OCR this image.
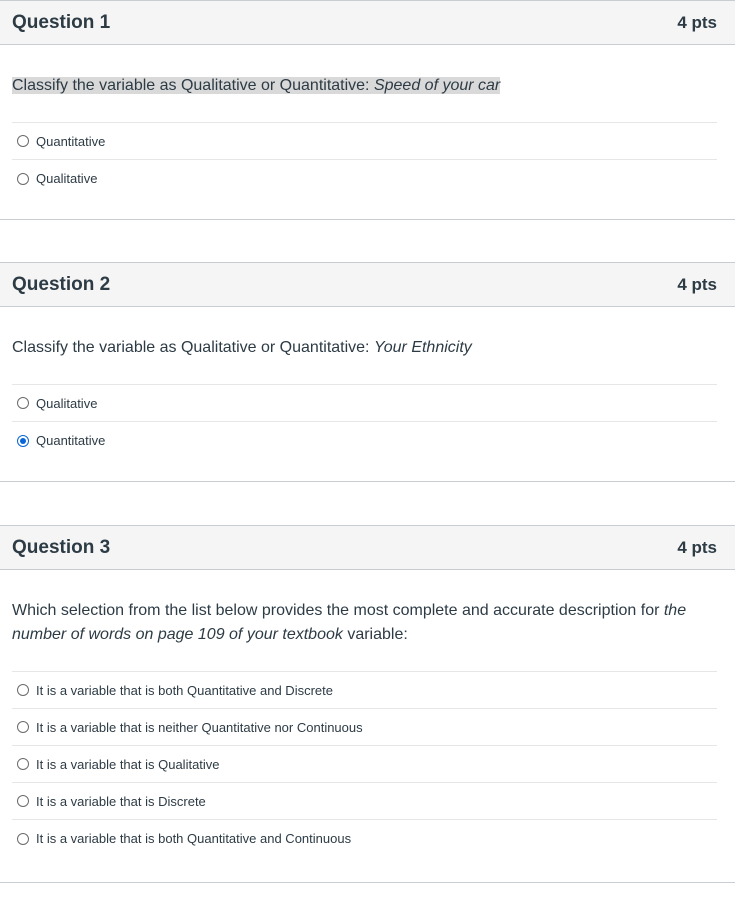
Question 1	4 pts
Classify the variable as Qualitative or Quantitative: Speed of your car
Quantitative
Qualitative
Question 2	4 pts
Classify the variable as Qualitative or Quantitative: Your Ethnicity
Qualitative
Quantitative
Question 3	4 pts
Which selection from the list below provides the most complete and accurate description for the number of words on page 109 of your textbook variable:
It is a variable that is both Quantitative and Discrete
It is a variable that is neither Quantitative nor Continuous
It is a variable that is Qualitative
It is a variable that is Discrete
It is a variable that is both Quantitative and Continuous
